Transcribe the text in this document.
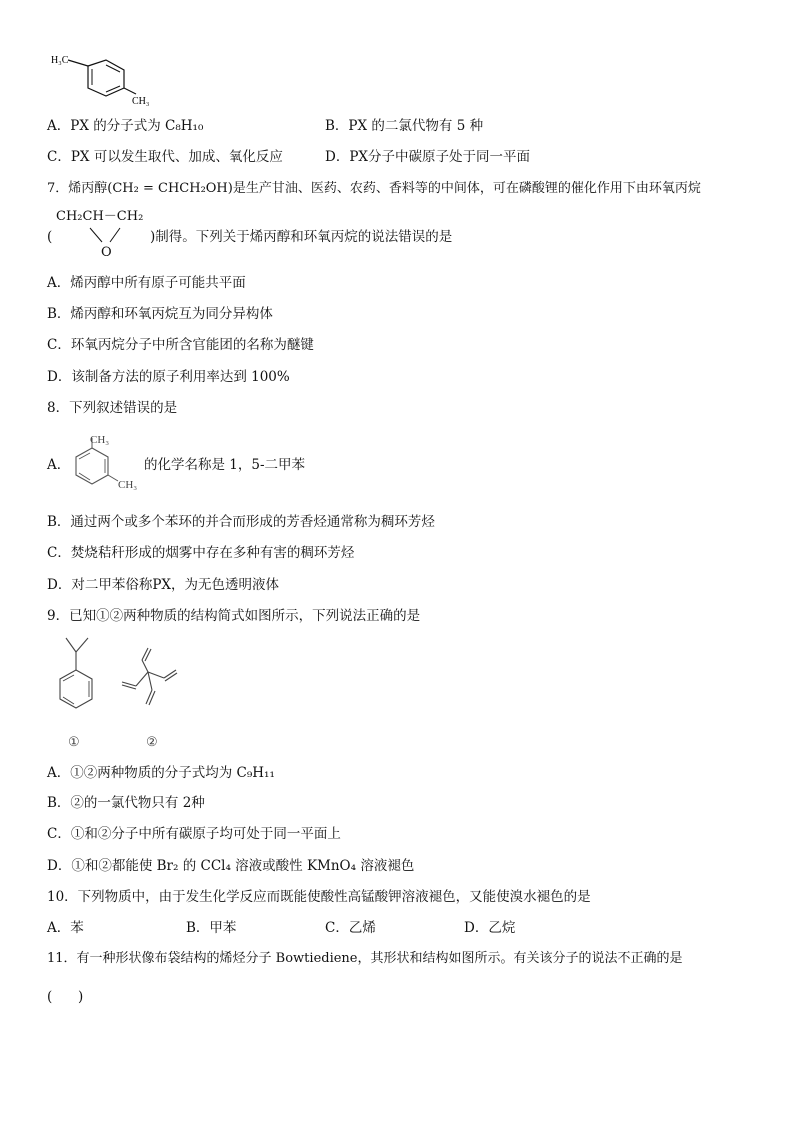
H₃C
CH₃
A．PX 的分子式为 C₈H₁₀	B．PX 的二氯代物有 5 种
C．PX 可以发生取代、加成、氧化反应	D．PX分子中碳原子处于同一平面
7．烯丙醇(CH₂ = CHCH₂OH)是生产甘油、医药、农药、香料等的中间体，可在磷酸锂的催化作用下由环氧丙烷
CH₂CH－CH₂
(
O
)制得。下列关于烯丙醇和环氧丙烷的说法错误的是
A．烯丙醇中所有原子可能共平面
B．烯丙醇和环氧丙烷互为同分异构体
C．环氧丙烷分子中所含官能团的名称为醚键
D．该制备方法的原子利用率达到 100%
8．下列叙述错误的是
A．
CH₃
CH₃
的化学名称是 1，5-二甲苯
B．通过两个或多个苯环的并合而形成的芳香烃通常称为稠环芳烃
C．焚烧秸秆形成的烟雾中存在多种有害的稠环芳烃
D．对二甲苯俗称PX，为无色透明液体
9．已知①②两种物质的结构简式如图所示，下列说法正确的是
①	②
A．①②两种物质的分子式均为 C₉H₁₁
B．②的一氯代物只有 2种
C．①和②分子中所有碳原子均可处于同一平面上
D．①和②都能使 Br₂ 的 CCl₄ 溶液或酸性 KMnO₄ 溶液褪色
10．下列物质中，由于发生化学反应而既能使酸性高锰酸钾溶液褪色，又能使溴水褪色的是
A．苯	B．甲苯	C．乙烯	D．乙烷
11．有一种形状像布袋结构的烯烃分子 Bowtiediene，其形状和结构如图所示。有关该分子的说法不正确的是
(      )
